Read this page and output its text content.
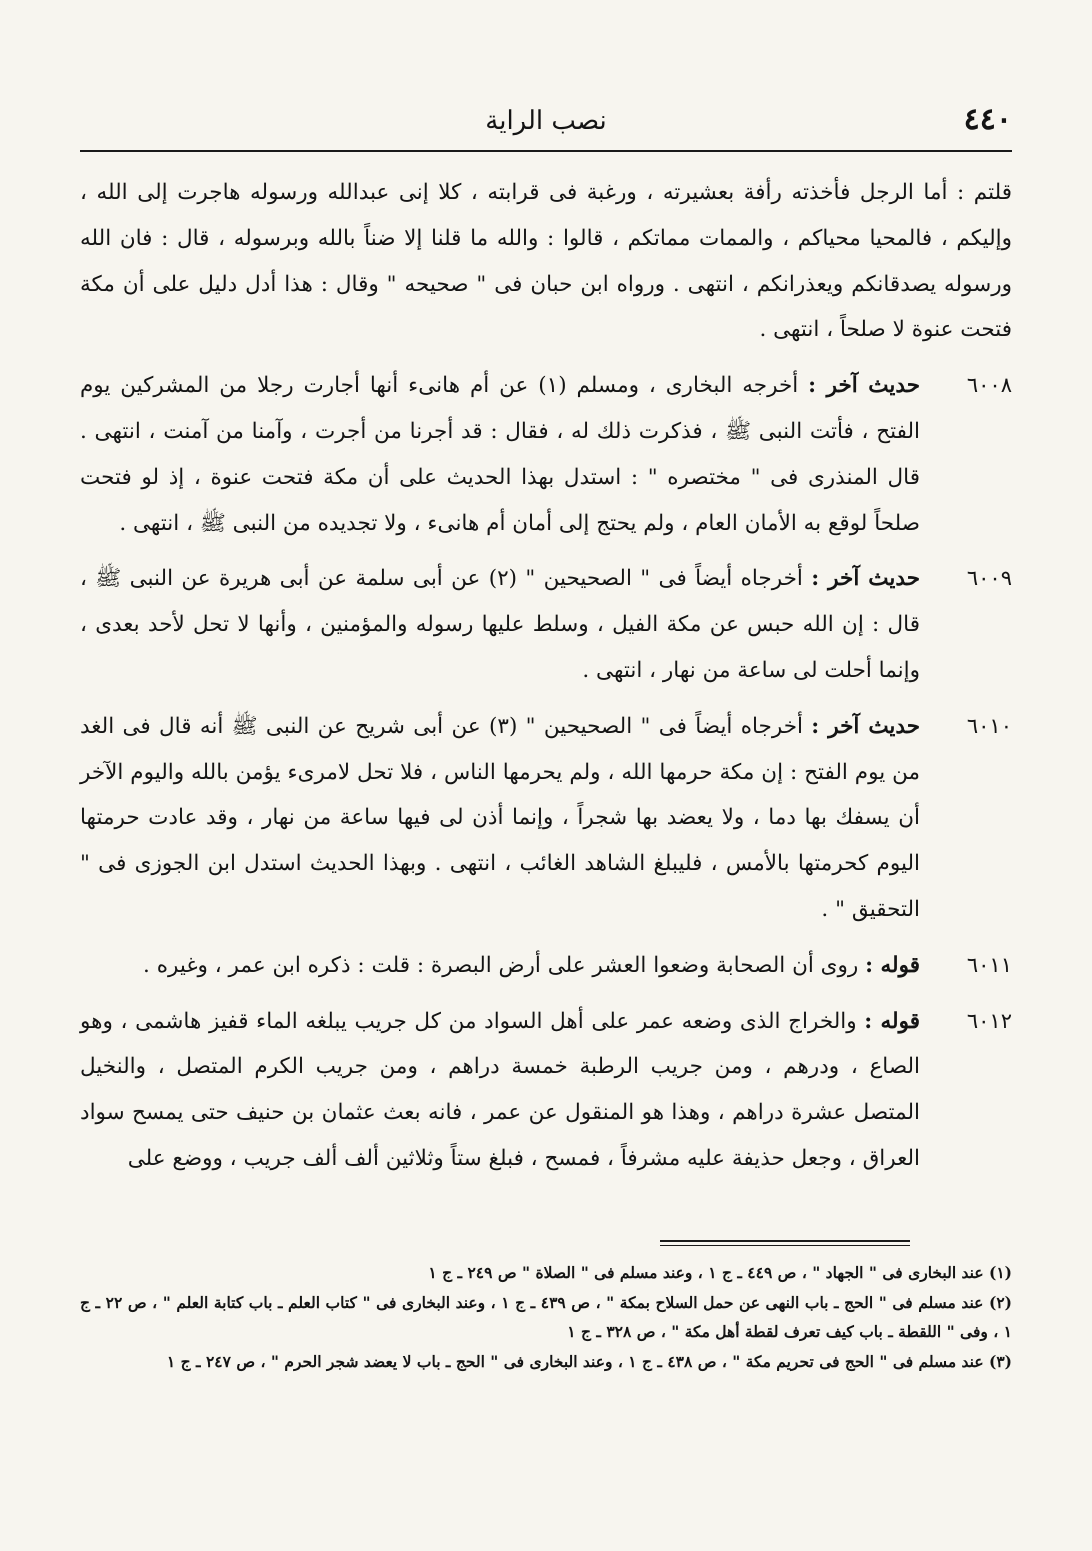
٤٤٠
نصب الراية

قلتم : أما الرجل فأخذته رأفة بعشيرته ، ورغبة فى قرابته ، كلا إنى عبدالله ورسوله هاجرت إلى الله ، وإليكم ، فالمحيا محياكم ، والممات مماتكم ، قالوا : والله ما قلنا إلا ضناً بالله وبرسوله ، قال : فان الله ورسوله يصدقانكم ويعذرانكم ، انتهى . ورواه ابن حبان فى " صحيحه " وقال : هذا أدل دليل على أن مكة فتحت عنوة لا صلحاً ، انتهى .

٦٠٠٨

حديث آخر : أخرجه البخارى ، ومسلم (١) عن أم هانىء أنها أجارت رجلا من المشركين يوم الفتح ، فأتت النبى ﷺ ، فذكرت ذلك له ، فقال : قد أجرنا من أجرت ، وآمنا من آمنت ، انتهى . قال المنذرى فى " مختصره " : استدل بهذا الحديث على أن مكة فتحت عنوة ، إذ لو فتحت صلحاً لوقع به الأمان العام ، ولم يحتج إلى أمان أم هانىء ، ولا تجديده من النبى ﷺ ، انتهى .

٦٠٠٩

حديث آخر : أخرجاه أيضاً فى " الصحيحين " (٢) عن أبى سلمة عن أبى هريرة عن النبى ﷺ ، قال : إن الله حبس عن مكة الفيل ، وسلط عليها رسوله والمؤمنين ، وأنها لا تحل لأحد بعدى ، وإنما أحلت لى ساعة من نهار ، انتهى .

٦٠١٠

حديث آخر : أخرجاه أيضاً فى " الصحيحين " (٣) عن أبى شريح عن النبى ﷺ أنه قال فى الغد من يوم الفتح : إن مكة حرمها الله ، ولم يحرمها الناس ، فلا تحل لامرىء يؤمن بالله واليوم الآخر أن يسفك بها دما ، ولا يعضد بها شجراً ، وإنما أذن لى فيها ساعة من نهار ، وقد عادت حرمتها اليوم كحرمتها بالأمس ، فليبلغ الشاهد الغائب ، انتهى . وبهذا الحديث استدل ابن الجوزى فى " التحقيق " .

٦٠١١

قوله : روى أن الصحابة وضعوا العشر على أرض البصرة : قلت : ذكره ابن عمر ، وغيره .

٦٠١٢

قوله : والخراج الذى وضعه عمر على أهل السواد من كل جريب يبلغه الماء قفيز هاشمى ، وهو الصاع ، ودرهم ، ومن جريب الرطبة خمسة دراهم ، ومن جريب الكرم المتصل ، والنخيل المتصل عشرة دراهم ، وهذا هو المنقول عن عمر ، فانه بعث عثمان بن حنيف حتى يمسح سواد العراق ، وجعل حذيفة عليه مشرفاً ، فمسح ، فبلغ ستاً وثلاثين ألف ألف جريب ، ووضع على

(١) عند البخارى فى " الجهاد " ، ص ٤٤٩ ـ ج ١ ، وعند مسلم فى " الصلاة " ص ٢٤٩ ـ ج ١

(٢) عند مسلم فى " الحج ـ باب النهى عن حمل السلاح بمكة " ، ص ٤٣٩ ـ ج ١ ، وعند البخارى فى " كتاب العلم ـ باب كتابة العلم " ، ص ٢٢ ـ ج ١ ، وفى " اللقطة ـ باب كيف تعرف لقطة أهل مكة " ، ص ٣٢٨ ـ ج ١

(٣) عند مسلم فى " الحج فى تحريم مكة " ، ص ٤٣٨ ـ ج ١ ، وعند البخارى فى " الحج ـ باب لا يعضد شجر الحرم " ، ص ٢٤٧ ـ ج ١
